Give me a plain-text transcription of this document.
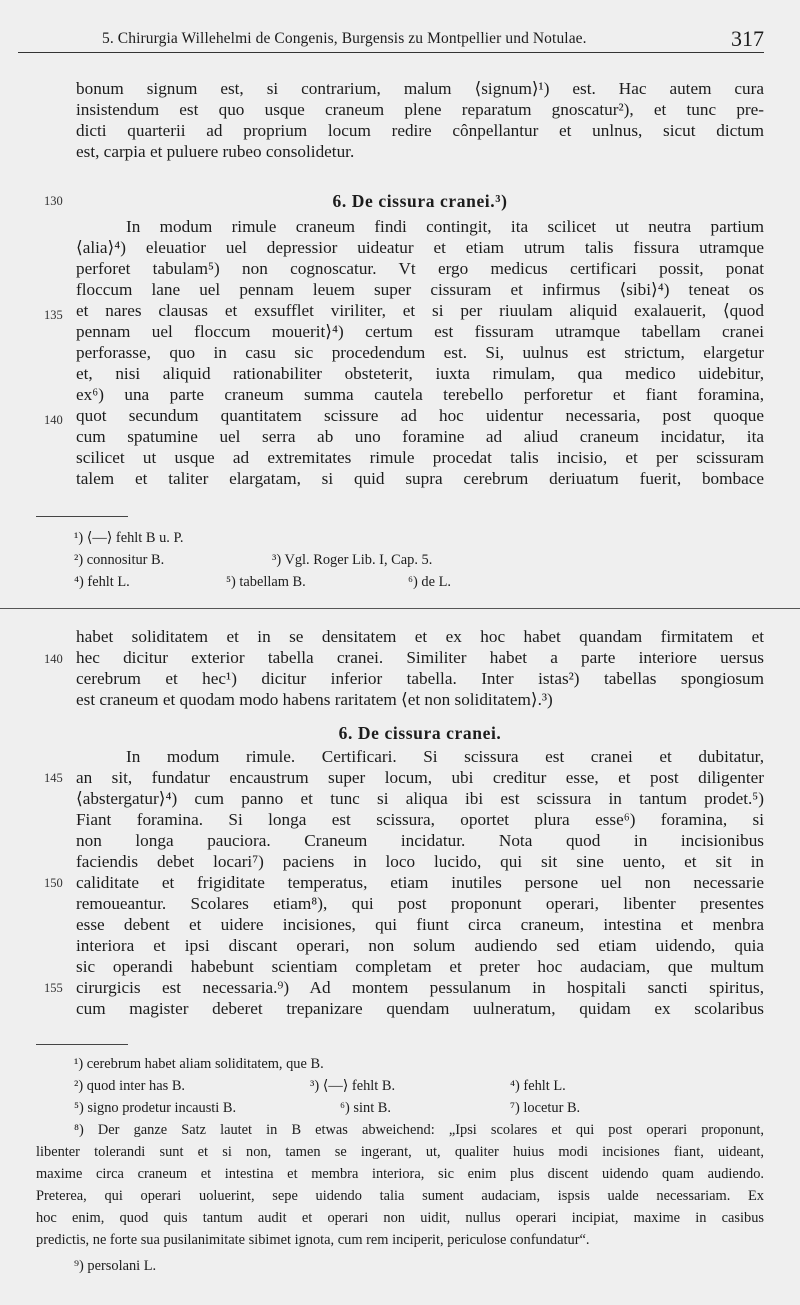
5. Chirurgia Willehelmi de Congenis, Burgensis zu Montpellier und Notulae.	317
bonum signum est, si contrarium, malum ⟨signum⟩¹) est. Hac autem cura
insistendum est quo usque craneum plene reparatum gnoscatur²), et tunc pre-
dicti quarterii ad proprium locum redire cônpellantur et unlnus, sicut dictum
est, carpia et puluere rubeo consolidetur.
130	6. De cissura cranei.³)
In modum rimule craneum findi contingit, ita scilicet ut neutra partium
⟨alia⟩⁴) eleuatior uel depressior uideatur et etiam utrum talis fissura utramque
perforet tabulam⁵) non cognoscatur. Vt ergo medicus certificari possit, ponat
floccum lane uel pennam leuem super cissuram et infirmus ⟨sibi⟩⁴) teneat os
et nares clausas et exsufflet viriliter, et si per riuulam aliquid exalauerit, ⟨quod
pennam uel floccum mouerit⟩⁴) certum est fissuram utramque tabellam cranei
perforasse, quo in casu sic procedendum est. Si, uulnus est strictum, elargetur
et, nisi aliquid rationabiliter obsteterit, iuxta rimulam, qua medico uidebitur,
ex⁶) una parte craneum summa cautela terebello perforetur et fiant foramina,
quot secundum quantitatem scissure ad hoc uidentur necessaria, post quoque
cum spatumine uel serra ab uno foramine ad aliud craneum incidatur, ita
scilicet ut usque ad extremitates rimule procedat talis incisio, et per scissuram
talem et taliter elargatam, si quid supra cerebrum deriuatum fuerit, bombace
135
140
¹) ⟨—⟩ fehlt B u. P.
²) connositur B.	³) Vgl. Roger Lib. I, Cap. 5.
⁴) fehlt L.	⁵) tabellam B.	⁶) de L.
habet soliditatem et in se densitatem et ex hoc habet quandam firmitatem et
hec dicitur exterior tabella cranei. Similiter habet a parte interiore uersus
cerebrum et hec¹) dicitur inferior tabella. Inter istas²) tabellas spongiosum
est craneum et quodam modo habens raritatem ⟨et non soliditatem⟩.³)
140
6. De cissura cranei.
In modum rimule. Certificari. Si scissura est cranei et dubitatur,
an sit, fundatur encaustrum super locum, ubi creditur esse, et post diligenter
⟨abstergatur⟩⁴) cum panno et tunc si aliqua ibi est scissura in tantum prodet.⁵)
Fiant foramina. Si longa est scissura, oportet plura esse⁶) foramina, si
non longa pauciora. Craneum incidatur. Nota quod in incisionibus
faciendis debet locari⁷) paciens in loco lucido, qui sit sine uento, et sit in
caliditate et frigiditate temperatus, etiam inutiles persone uel non necessarie
remoueantur. Scolares etiam⁸), qui post proponunt operari, libenter presentes
esse debent et uidere incisiones, qui fiunt circa craneum, intestina et menbra
interiora et ipsi discant operari, non solum audiendo sed etiam uidendo, quia
sic operandi habebunt scientiam completam et preter hoc audaciam, que multum
cirurgicis est necessaria.⁹) Ad montem pessulanum in hospitali sancti spiritus,
cum magister deberet trepanizare quendam uulneratum, quidam ex scolaribus
145
150
155
¹) cerebrum habet aliam soliditatem, que B.
²) quod inter has B.	³) ⟨—⟩ fehlt B.	⁴) fehlt L.
⁵) signo prodetur incausti B.	⁶) sint B.	⁷) locetur B.
⁸) Der ganze Satz lautet in B etwas abweichend: „Ipsi scolares et qui post operari proponunt,
libenter tolerandi sunt et si non, tamen se ingerant, ut, qualiter huius modi incisiones fiant, uideant,
maxime circa craneum et intestina et membra interiora, sic enim plus discent uidendo quam audiendo.
Preterea, qui operari uoluerint, sepe uidendo talia sument audaciam, ispsis ualde necessariam. Ex
hoc enim, quod quis tantum audit et operari non uidit, nullus operari incipiat, maxime in casibus
predictis, ne forte sua pusilanimitate sibimet ignota, cum rem inciperit, periculose confundatur“.
⁹) persolani L.
